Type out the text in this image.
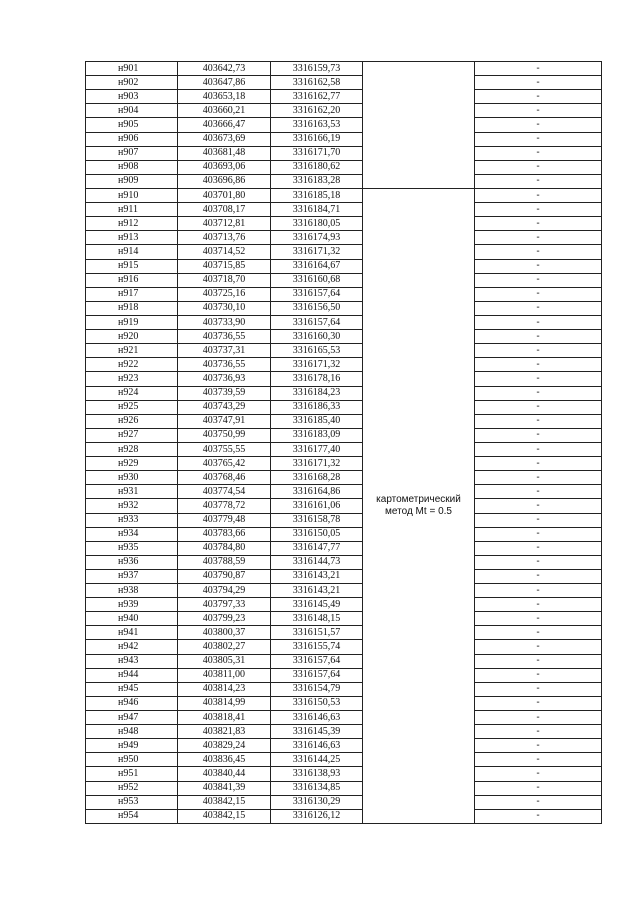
н901	403642,73	3316159,73		-
н902	403647,86	3316162,58		-
н903	403653,18	3316162,77		-
н904	403660,21	3316162,20		-
н905	403666,47	3316163,53		-
н906	403673,69	3316166,19		-
н907	403681,48	3316171,70		-
н908	403693,06	3316180,62		-
н909	403696,86	3316183,28		-
н910	403701,80	3316185,18	картометрический
метод Mt = 0.5	-
н911	403708,17	3316184,71		-
н912	403712,81	3316180,05		-
н913	403713,76	3316174,93		-
н914	403714,52	3316171,32		-
н915	403715,85	3316164,67		-
н916	403718,70	3316160,68		-
н917	403725,16	3316157,64		-
н918	403730,10	3316156,50		-
н919	403733,90	3316157,64		-
н920	403736,55	3316160,30		-
н921	403737,31	3316165,53		-
н922	403736,55	3316171,32		-
н923	403736,93	3316178,16		-
н924	403739,59	3316184,23		-
н925	403743,29	3316186,33		-
н926	403747,91	3316185,40		-
н927	403750,99	3316183,09		-
н928	403755,55	3316177,40		-
н929	403765,42	3316171,32		-
н930	403768,46	3316168,28		-
н931	403774,54	3316164,86		-
н932	403778,72	3316161,06		-
н933	403779,48	3316158,78		-
н934	403783,66	3316150,05		-
н935	403784,80	3316147,77		-
н936	403788,59	3316144,73		-
н937	403790,87	3316143,21		-
н938	403794,29	3316143,21		-
н939	403797,33	3316145,49		-
н940	403799,23	3316148,15		-
н941	403800,37	3316151,57		-
н942	403802,27	3316155,74		-
н943	403805,31	3316157,64		-
н944	403811,00	3316157,64		-
н945	403814,23	3316154,79		-
н946	403814,99	3316150,53		-
н947	403818,41	3316146,63		-
н948	403821,83	3316145,39		-
н949	403829,24	3316146,63		-
н950	403836,45	3316144,25		-
н951	403840,44	3316138,93		-
н952	403841,39	3316134,85		-
н953	403842,15	3316130,29		-
н954	403842,15	3316126,12		-
